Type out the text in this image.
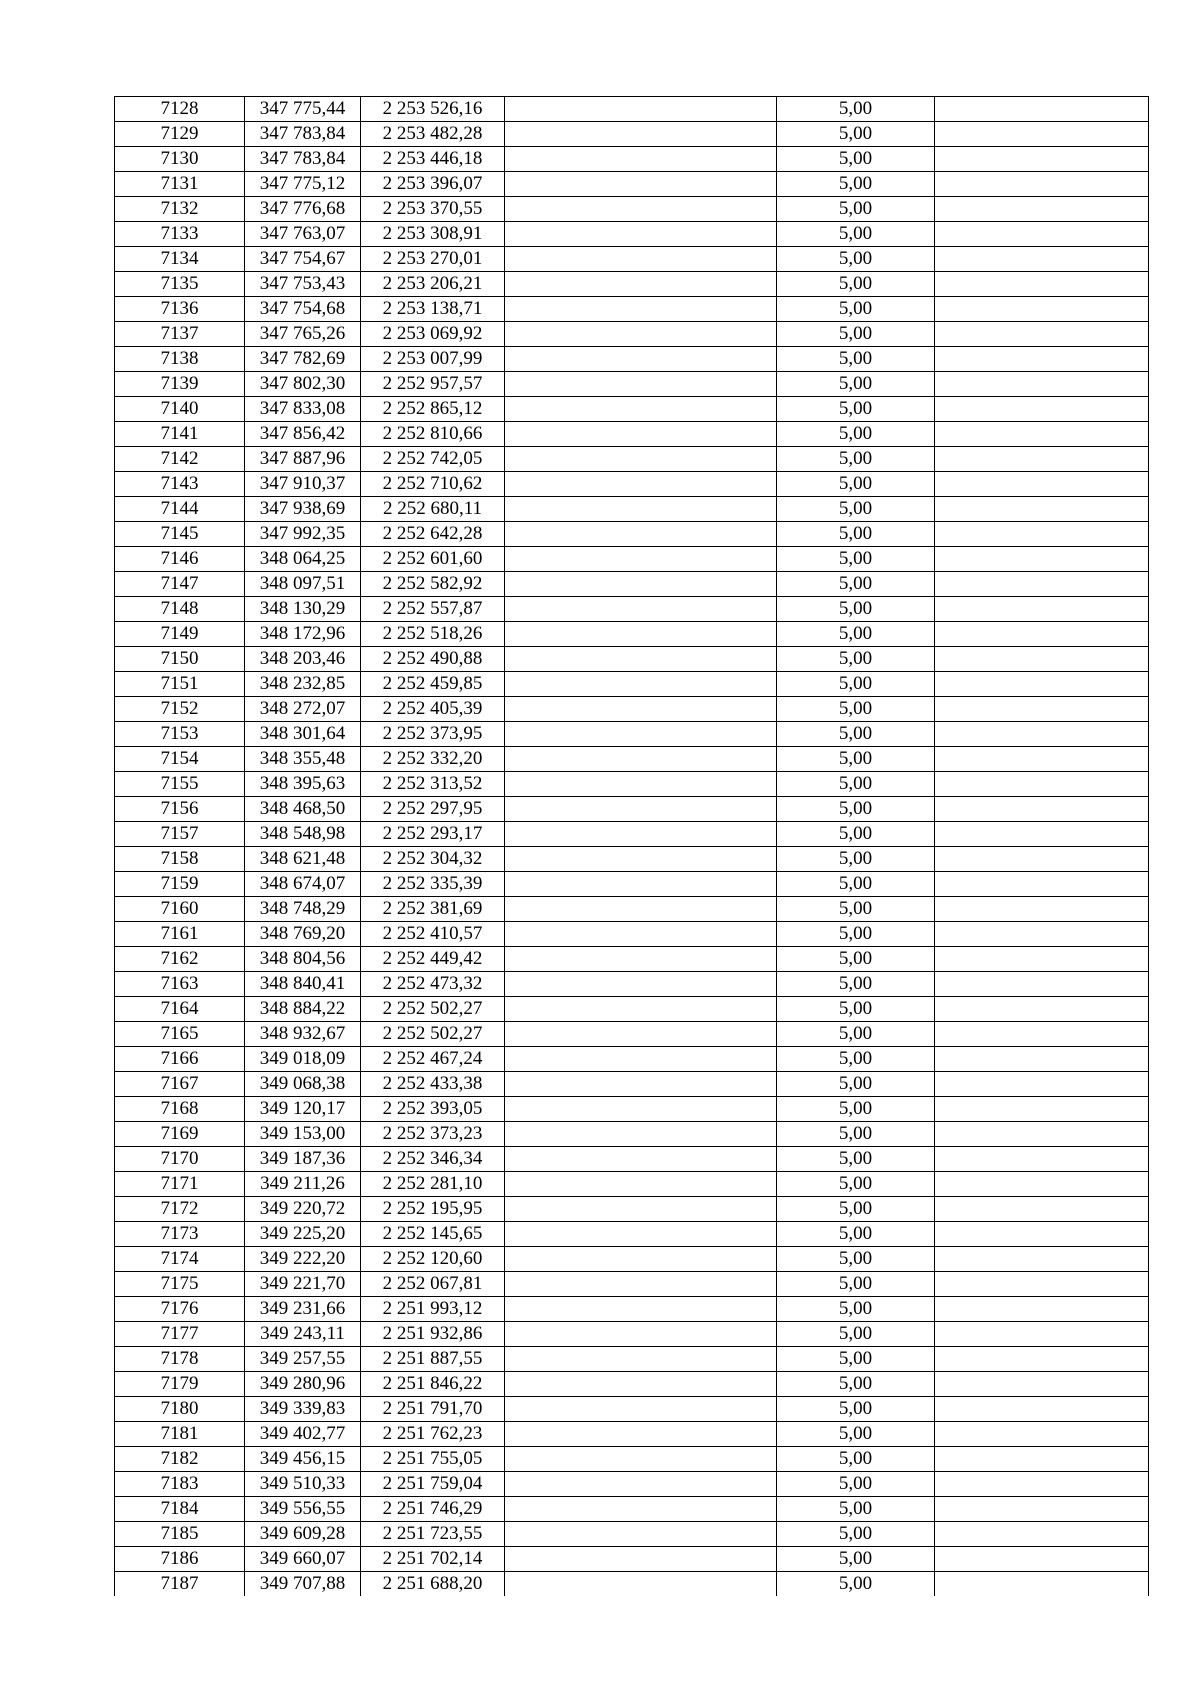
7128	347 775,44	2 253 526,16		5,00	
7129	347 783,84	2 253 482,28		5,00	
7130	347 783,84	2 253 446,18		5,00	
7131	347 775,12	2 253 396,07		5,00	
7132	347 776,68	2 253 370,55		5,00	
7133	347 763,07	2 253 308,91		5,00	
7134	347 754,67	2 253 270,01		5,00	
7135	347 753,43	2 253 206,21		5,00	
7136	347 754,68	2 253 138,71		5,00	
7137	347 765,26	2 253 069,92		5,00	
7138	347 782,69	2 253 007,99		5,00	
7139	347 802,30	2 252 957,57		5,00	
7140	347 833,08	2 252 865,12		5,00	
7141	347 856,42	2 252 810,66		5,00	
7142	347 887,96	2 252 742,05		5,00	
7143	347 910,37	2 252 710,62		5,00	
7144	347 938,69	2 252 680,11		5,00	
7145	347 992,35	2 252 642,28		5,00	
7146	348 064,25	2 252 601,60		5,00	
7147	348 097,51	2 252 582,92		5,00	
7148	348 130,29	2 252 557,87		5,00	
7149	348 172,96	2 252 518,26		5,00	
7150	348 203,46	2 252 490,88		5,00	
7151	348 232,85	2 252 459,85		5,00	
7152	348 272,07	2 252 405,39		5,00	
7153	348 301,64	2 252 373,95		5,00	
7154	348 355,48	2 252 332,20		5,00	
7155	348 395,63	2 252 313,52		5,00	
7156	348 468,50	2 252 297,95		5,00	
7157	348 548,98	2 252 293,17		5,00	
7158	348 621,48	2 252 304,32		5,00	
7159	348 674,07	2 252 335,39		5,00	
7160	348 748,29	2 252 381,69		5,00	
7161	348 769,20	2 252 410,57		5,00	
7162	348 804,56	2 252 449,42		5,00	
7163	348 840,41	2 252 473,32		5,00	
7164	348 884,22	2 252 502,27		5,00	
7165	348 932,67	2 252 502,27		5,00	
7166	349 018,09	2 252 467,24		5,00	
7167	349 068,38	2 252 433,38		5,00	
7168	349 120,17	2 252 393,05		5,00	
7169	349 153,00	2 252 373,23		5,00	
7170	349 187,36	2 252 346,34		5,00	
7171	349 211,26	2 252 281,10		5,00	
7172	349 220,72	2 252 195,95		5,00	
7173	349 225,20	2 252 145,65		5,00	
7174	349 222,20	2 252 120,60		5,00	
7175	349 221,70	2 252 067,81		5,00	
7176	349 231,66	2 251 993,12		5,00	
7177	349 243,11	2 251 932,86		5,00	
7178	349 257,55	2 251 887,55		5,00	
7179	349 280,96	2 251 846,22		5,00	
7180	349 339,83	2 251 791,70		5,00	
7181	349 402,77	2 251 762,23		5,00	
7182	349 456,15	2 251 755,05		5,00	
7183	349 510,33	2 251 759,04		5,00	
7184	349 556,55	2 251 746,29		5,00	
7185	349 609,28	2 251 723,55		5,00	
7186	349 660,07	2 251 702,14		5,00	
7187	349 707,88	2 251 688,20		5,00	
